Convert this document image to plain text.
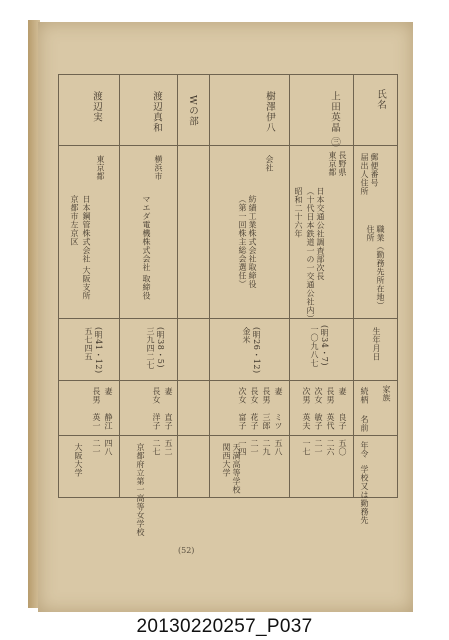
氏名
郵便番号
届出人住所
職業（勤務先所在地）
住所
生年月日
家族
続柄
名前
年令
学校又は勤務先
上田英晶 ㊂
長野県
東京都
日本交通公社調査部次長
（十代日本鉄道一の一交通公社内）
昭和二十六年
(明34・7)
一〇九八七
妻
良子
五〇
長男
英代
二六
次女
敏子
二一
次男
英夫
一七
樹澤伊八
会社
紡績工業株式会社取締役
（第一回株主総会選任）
(明26・12)
金米
妻
ミツ
五八
長男
三郎
二九
長女
花子
二一
次女
富子
一四
天満高等学校
関西大学
Wの部
渡辺真和
横浜市
マエダ電機株式会社 取締役
(明38・5)
三九四二七
妻
直子
五二
長女
洋子
二七
京都府立第一高等女学校
渡辺実
東京都
日本鋼管株式会社 大阪支所
京都市左京区
(明41・12)
五七四五
妻
静江
四八
長男
英一
二一
大阪大学
(52)
20130220257_P037
